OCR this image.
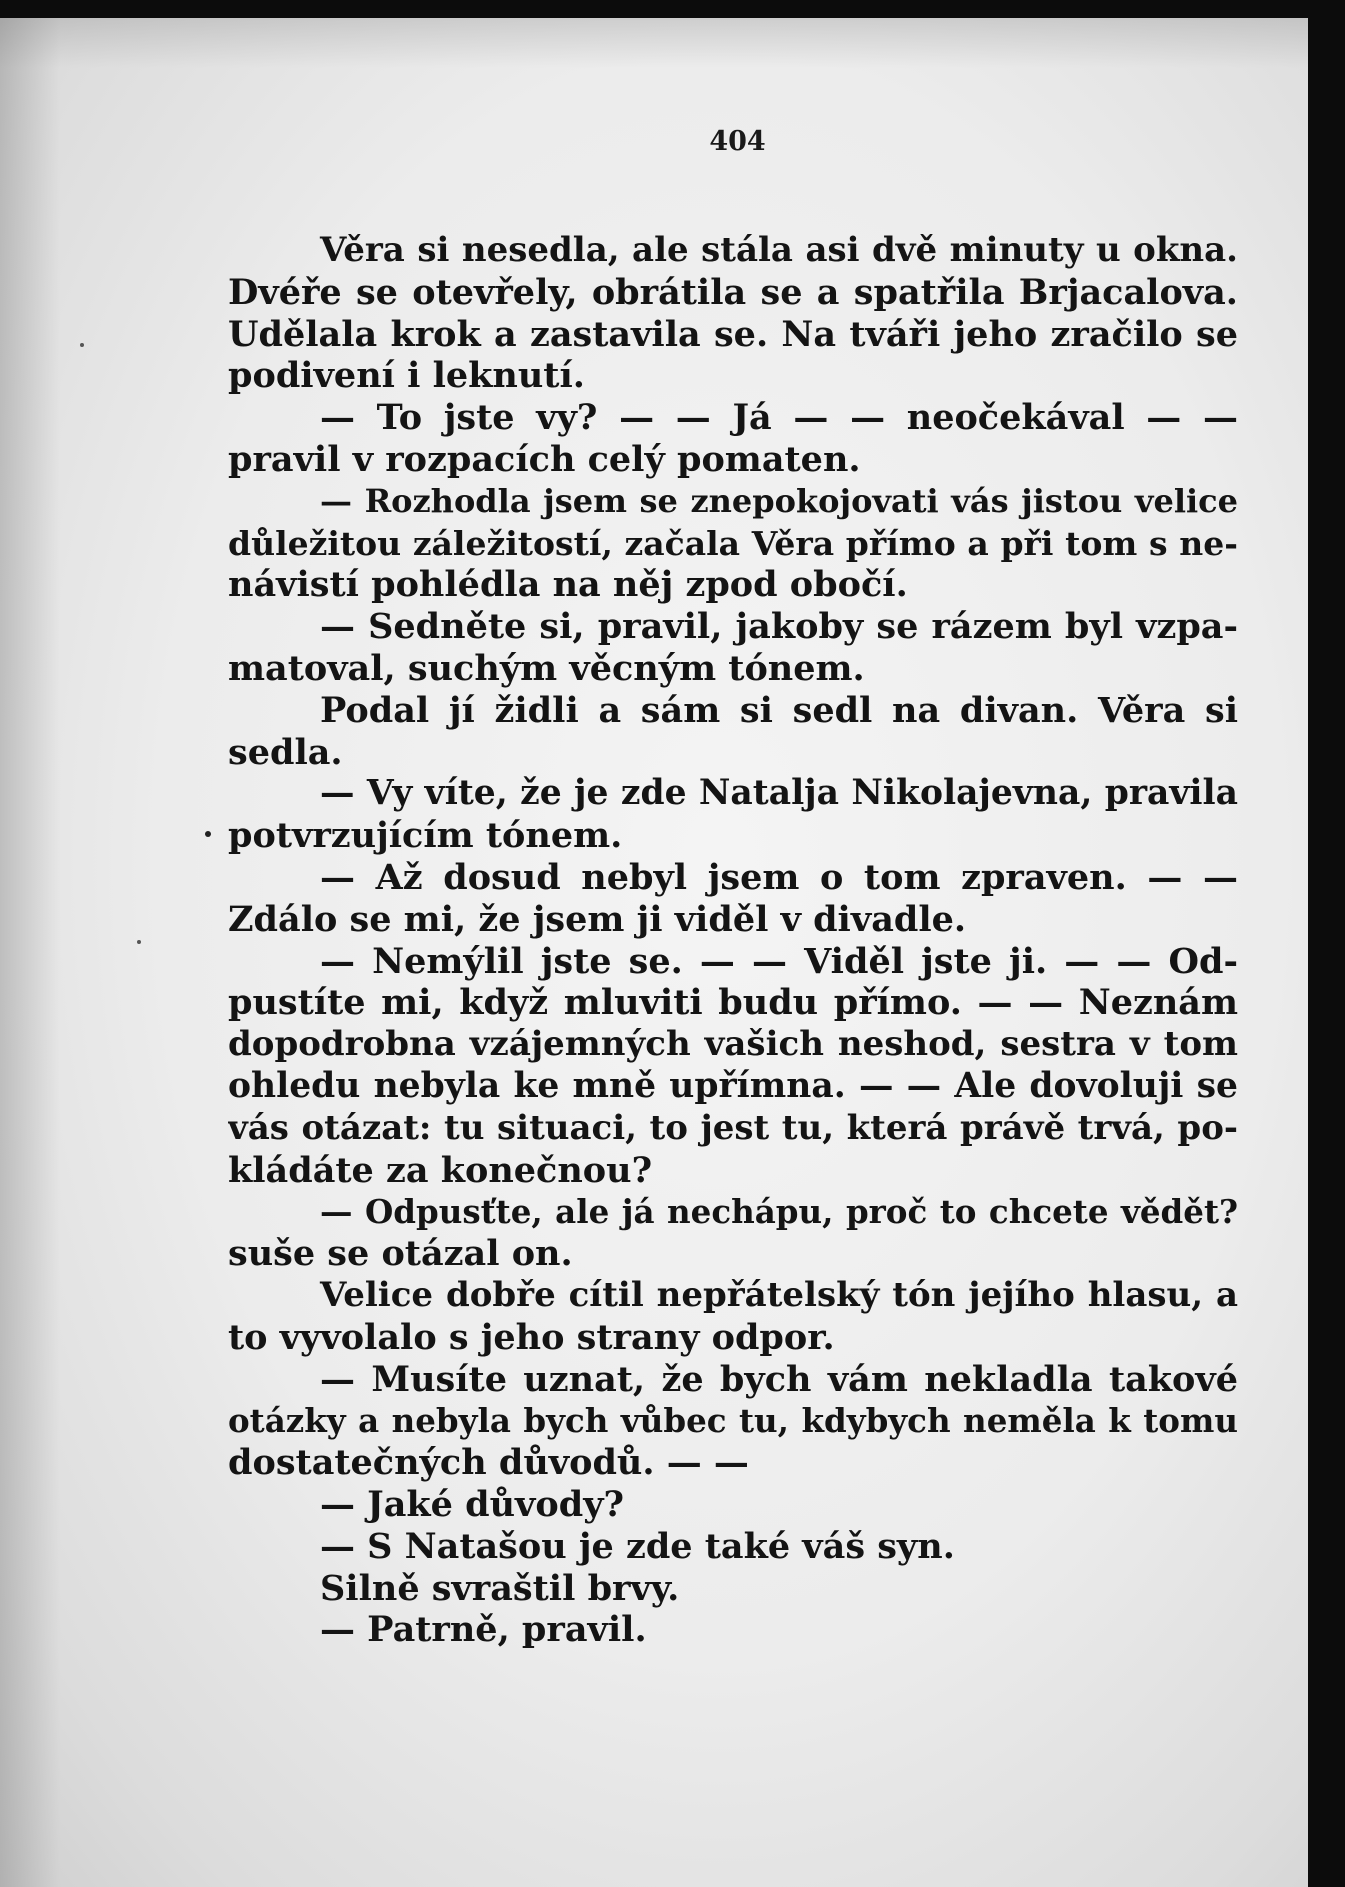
404
Věra si nesedla, ale stála asi dvě minuty u okna.
Dvéře se otevřely, obrátila se a spatřila Brjacalova.
Udělala krok a zastavila se. Na tváři jeho zračilo se
podivení i leknutí.
— To jste vy? — — Já — — neočekával — —
pravil v rozpacích celý pomaten.
— Rozhodla jsem se znepokojovati vás jistou velice
důležitou záležitostí, začala Věra přímo a při tom s ne-
návistí pohlédla na něj zpod obočí.
— Sedněte si, pravil, jakoby se rázem byl vzpa-
matoval, suchým věcným tónem.
Podal jí židli a sám si sedl na divan. Věra si
sedla.
— Vy víte, že je zde Natalja Nikolajevna, pravila
potvrzujícím tónem.
— Až dosud nebyl jsem o tom zpraven. — —
Zdálo se mi, že jsem ji viděl v divadle.
— Nemýlil jste se. — — Viděl jste ji. — — Od-
pustíte mi, když mluviti budu přímo. — — Neznám
dopodrobna vzájemných vašich neshod, sestra v tom
ohledu nebyla ke mně upřímna. — — Ale dovoluji se
vás otázat: tu situaci, to jest tu, která právě trvá, po-
kládáte za konečnou?
— Odpusťte, ale já nechápu, proč to chcete vědět?
suše se otázal on.
Velice dobře cítil nepřátelský tón jejího hlasu, a
to vyvolalo s jeho strany odpor.
— Musíte uznat, že bych vám nekladla takové
otázky a nebyla bych vůbec tu, kdybych neměla k tomu
dostatečných důvodů. — —
— Jaké důvody?
— S Natašou je zde také váš syn.
Silně svraštil brvy.
— Patrně, pravil.
